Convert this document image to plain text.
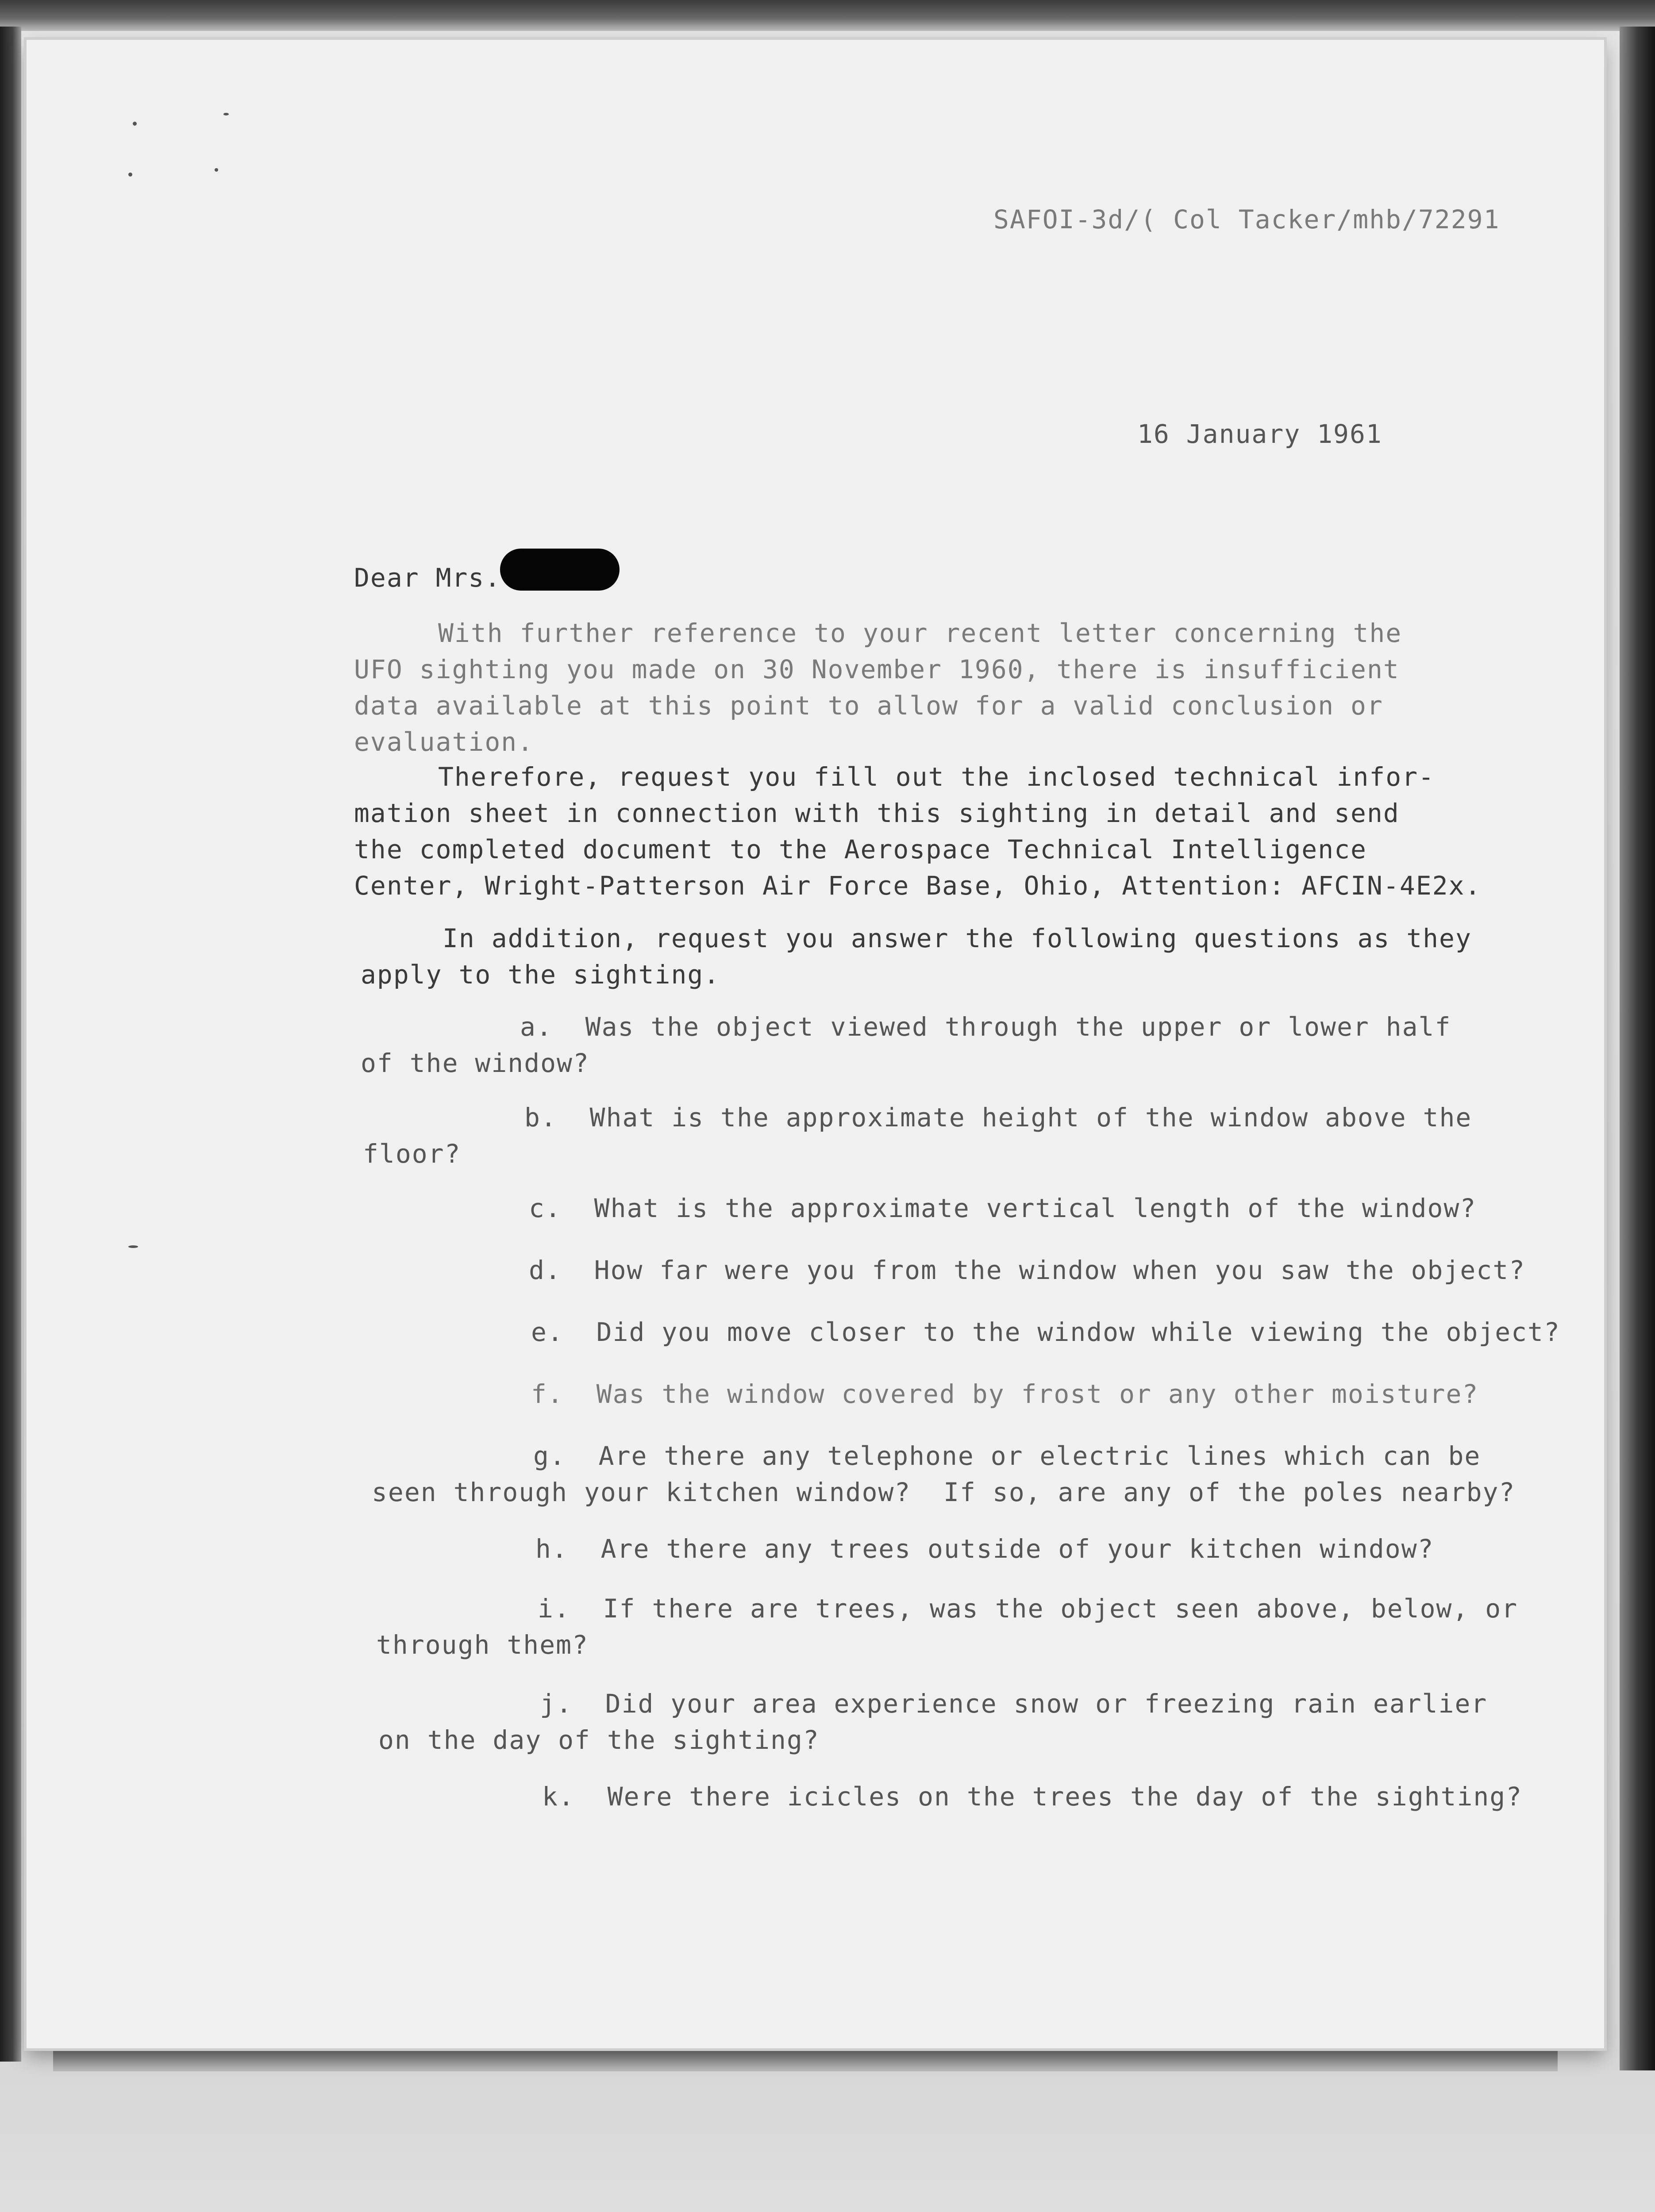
SAFOI-3d/( Col Tacker/mhb/72291

16 January 1961

Dear Mrs.

With further reference to your recent letter concerning the

UFO sighting you made on 30 November 1960, there is insufficient

data available at this point to allow for a valid conclusion or

evaluation.

Therefore, request you fill out the inclosed technical infor-

mation sheet in connection with this sighting in detail and send

the completed document to the Aerospace Technical Intelligence

Center, Wright-Patterson Air Force Base, Ohio, Attention: AFCIN-4E2x.

In addition, request you answer the following questions as they

apply to the sighting.

a.  Was the object viewed through the upper or lower half

of the window?

b.  What is the approximate height of the window above the

floor?

c.  What is the approximate vertical length of the window?

d.  How far were you from the window when you saw the object?

e.  Did you move closer to the window while viewing the object?

f.  Was the window covered by frost or any other moisture?

g.  Are there any telephone or electric lines which can be

seen through your kitchen window?  If so, are any of the poles nearby?

h.  Are there any trees outside of your kitchen window?

i.  If there are trees, was the object seen above, below, or

through them?

j.  Did your area experience snow or freezing rain earlier

on the day of the sighting?

k.  Were there icicles on the trees the day of the sighting?
